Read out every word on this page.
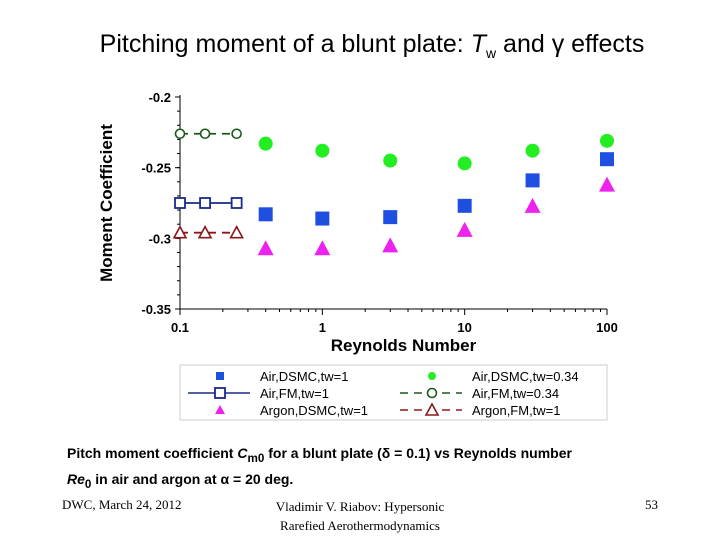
Pitching moment of a blunt plate: $T_w$ and γ effects
-0.2
-0.25
-0.3
-0.35
0.1	1	10	100
Reynolds Number
Moment Coefficient
Air,DSMC,tw=1	Air,DSMC,tw=0.34
Air,FM,tw=1	Air,FM,tw=0.34
Argon,DSMC,tw=1	Argon,FM,tw=1
Pitch moment coefficient $C_{m0}$ for a blunt plate (δ = 0.1) vs Reynolds number
$Re_0$ in air and argon at α = 20 deg.
DWC, March 24, 2012	Vladimir V. Riabov: Hypersonic
Rarefied Aerothermodynamics
53
